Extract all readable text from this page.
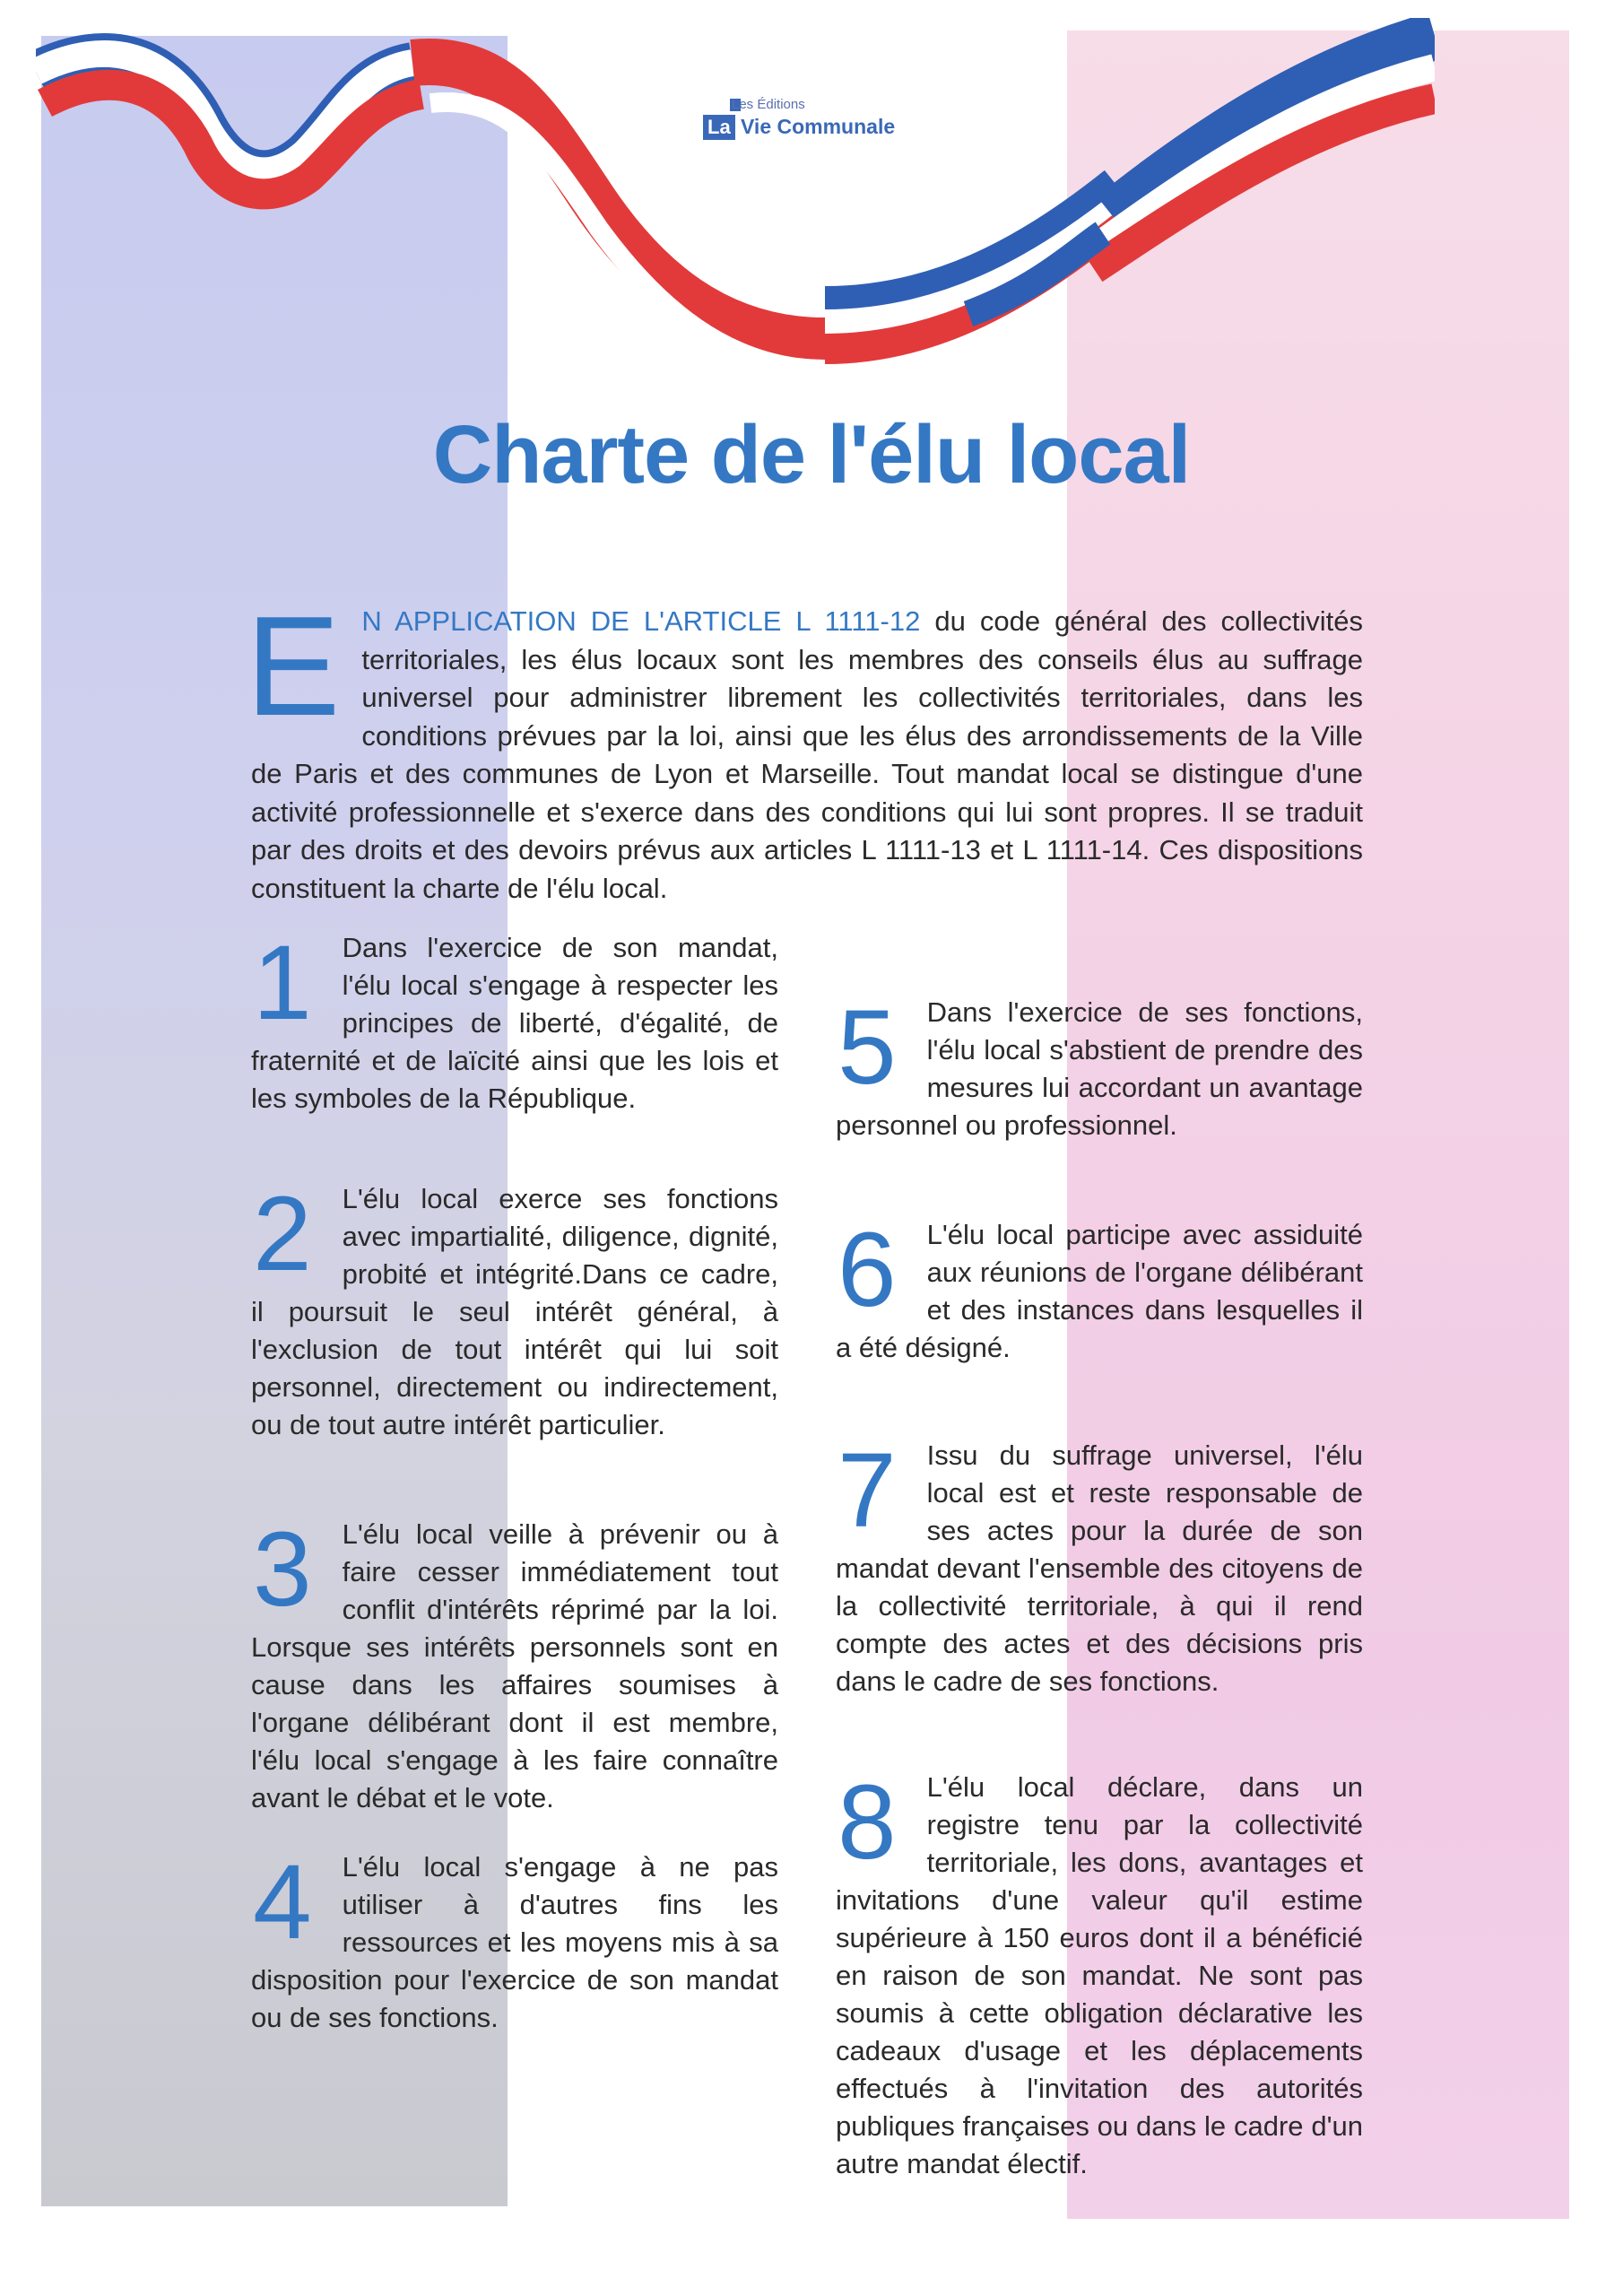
Les Éditions
La Vie Communale
Charte de l'élu local
E N APPLICATION DE L'ARTICLE L 1111-12 du code général des collectivités territoriales, les élus locaux sont les membres des conseils élus au suffrage universel pour administrer librement les collectivités territoriales, dans les conditions prévues par la loi, ainsi que les élus des arrondissements de la Ville de Paris et des communes de Lyon et Marseille. Tout mandat local se distingue d'une activité professionnelle et s'exerce dans des conditions qui lui sont propres. Il se traduit par des droits et des devoirs prévus aux articles L 1111-13 et L 1111-14. Ces dispositions constituent la charte de l'élu local.
1 Dans l'exercice de son mandat, l'élu local s'engage à respecter les principes de liberté, d'égalité, de fraternité et de laïcité ainsi que les lois et les symboles de la République.
2 L'élu local exerce ses fonctions avec impartialité, diligence, dignité, probité et intégrité.Dans ce cadre, il poursuit le seul intérêt général, à l'exclusion de tout intérêt qui lui soit personnel, directement ou indirectement, ou de tout autre intérêt particulier.
3 L'élu local veille à prévenir ou à faire cesser immédiatement tout conflit d'intérêts réprimé par la loi. Lorsque ses intérêts personnels sont en cause dans les affaires soumises à l'organe délibérant dont il est membre, l'élu local s'engage à les faire connaître avant le débat et le vote.
4 L'élu local s'engage à ne pas utiliser à d'autres fins les ressources et les moyens mis à sa disposition pour l'exercice de son mandat ou de ses fonctions.
5 Dans l'exercice de ses fonctions, l'élu local s'abstient de prendre des mesures lui accordant un avantage personnel ou professionnel.
6 L'élu local participe avec assiduité aux réunions de l'organe délibérant et des instances dans lesquelles il a été désigné.
7 Issu du suffrage universel, l'élu local est et reste responsable de ses actes pour la durée de son mandat devant l'ensemble des citoyens de la collectivité territoriale, à qui il rend compte des actes et des décisions pris dans le cadre de ses fonctions.
8 L'élu local déclare, dans un registre tenu par la collectivité territoriale, les dons, avantages et invitations d'une valeur qu'il estime supérieure à 150 euros dont il a bénéficié en raison de son mandat. Ne sont pas soumis à cette obligation déclarative les cadeaux d'usage et les déplacements effectués à l'invitation des autorités publiques françaises ou dans le cadre d'un autre mandat électif.
